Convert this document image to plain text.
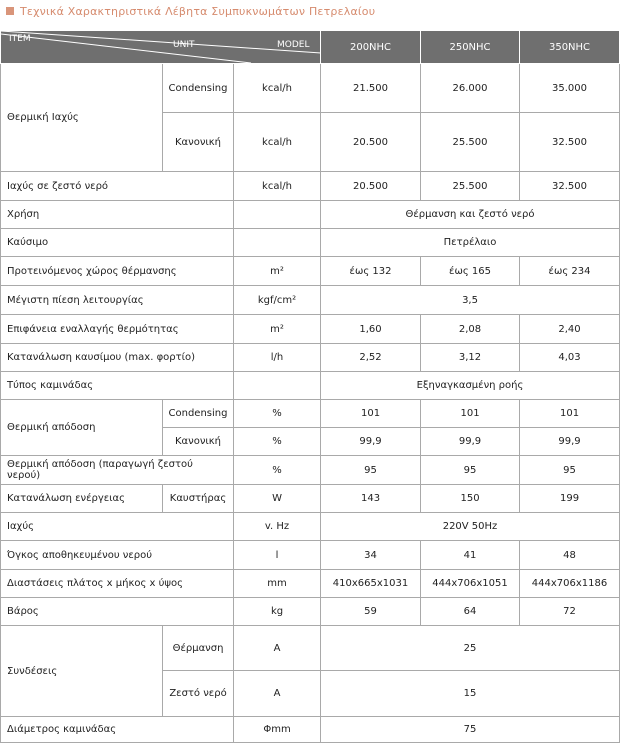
Τεχνικά Χαρακτηριστικά Λέβητα Συμπυκνωμάτων Πετρελαίου
ITEM
UNIT MODEL			200NHC	250NHC	350NHC
Θερμική Ιαχύς	Condensing	kcal/h	21.500	26.000	35.000
	Κανονική	kcal/h	20.500	25.500	32.500
Ιαχύς σε ζεστό νερό		kcal/h	20.500	25.500	32.500
Χρήση			Θέρμανση και ζεστό νερό		
Καύσιμο			Πετρέλαιο		
Προτεινόμενος χώρος θέρμανσης		m²	έως 132	έως 165	έως 234
Μέγιστη πίεση λειτουργίας		kgf/cm²	3,5		
Επιφάνεια εναλλαγής θερμότητας		m²	1,60	2,08	2,40
Κατανάλωση καυσίμου (max. φορτίο)		l/h	2,52	3,12	4,03
Τύπος καμινάδας			Εξηναγκασμένη ροής		
Θερμική απόδοση	Condensing	%	101	101	101
	Κανονική	%	99,9	99,9	99,9
Θερμική απόδοση (παραγωγή ζεστού νερού)		%	95	95	95
Κατανάλωση ενέργειας	Καυστήρας	W	143	150	199
Ιαχύς		v. Hz	220V 50Hz		
Όγκος αποθηκευμένου νερού		l	34	41	48
Διαστάσεις πλάτος x μήκος x ύψος		mm	410x665x1031	444x706x1051	444x706x1186
Βάρος		kg	59	64	72
Συνδέσεις	Θέρμανση	A	25		
	Ζεστό νερό	A	15		
Διάμετρος καμινάδας		Φmm	75		
